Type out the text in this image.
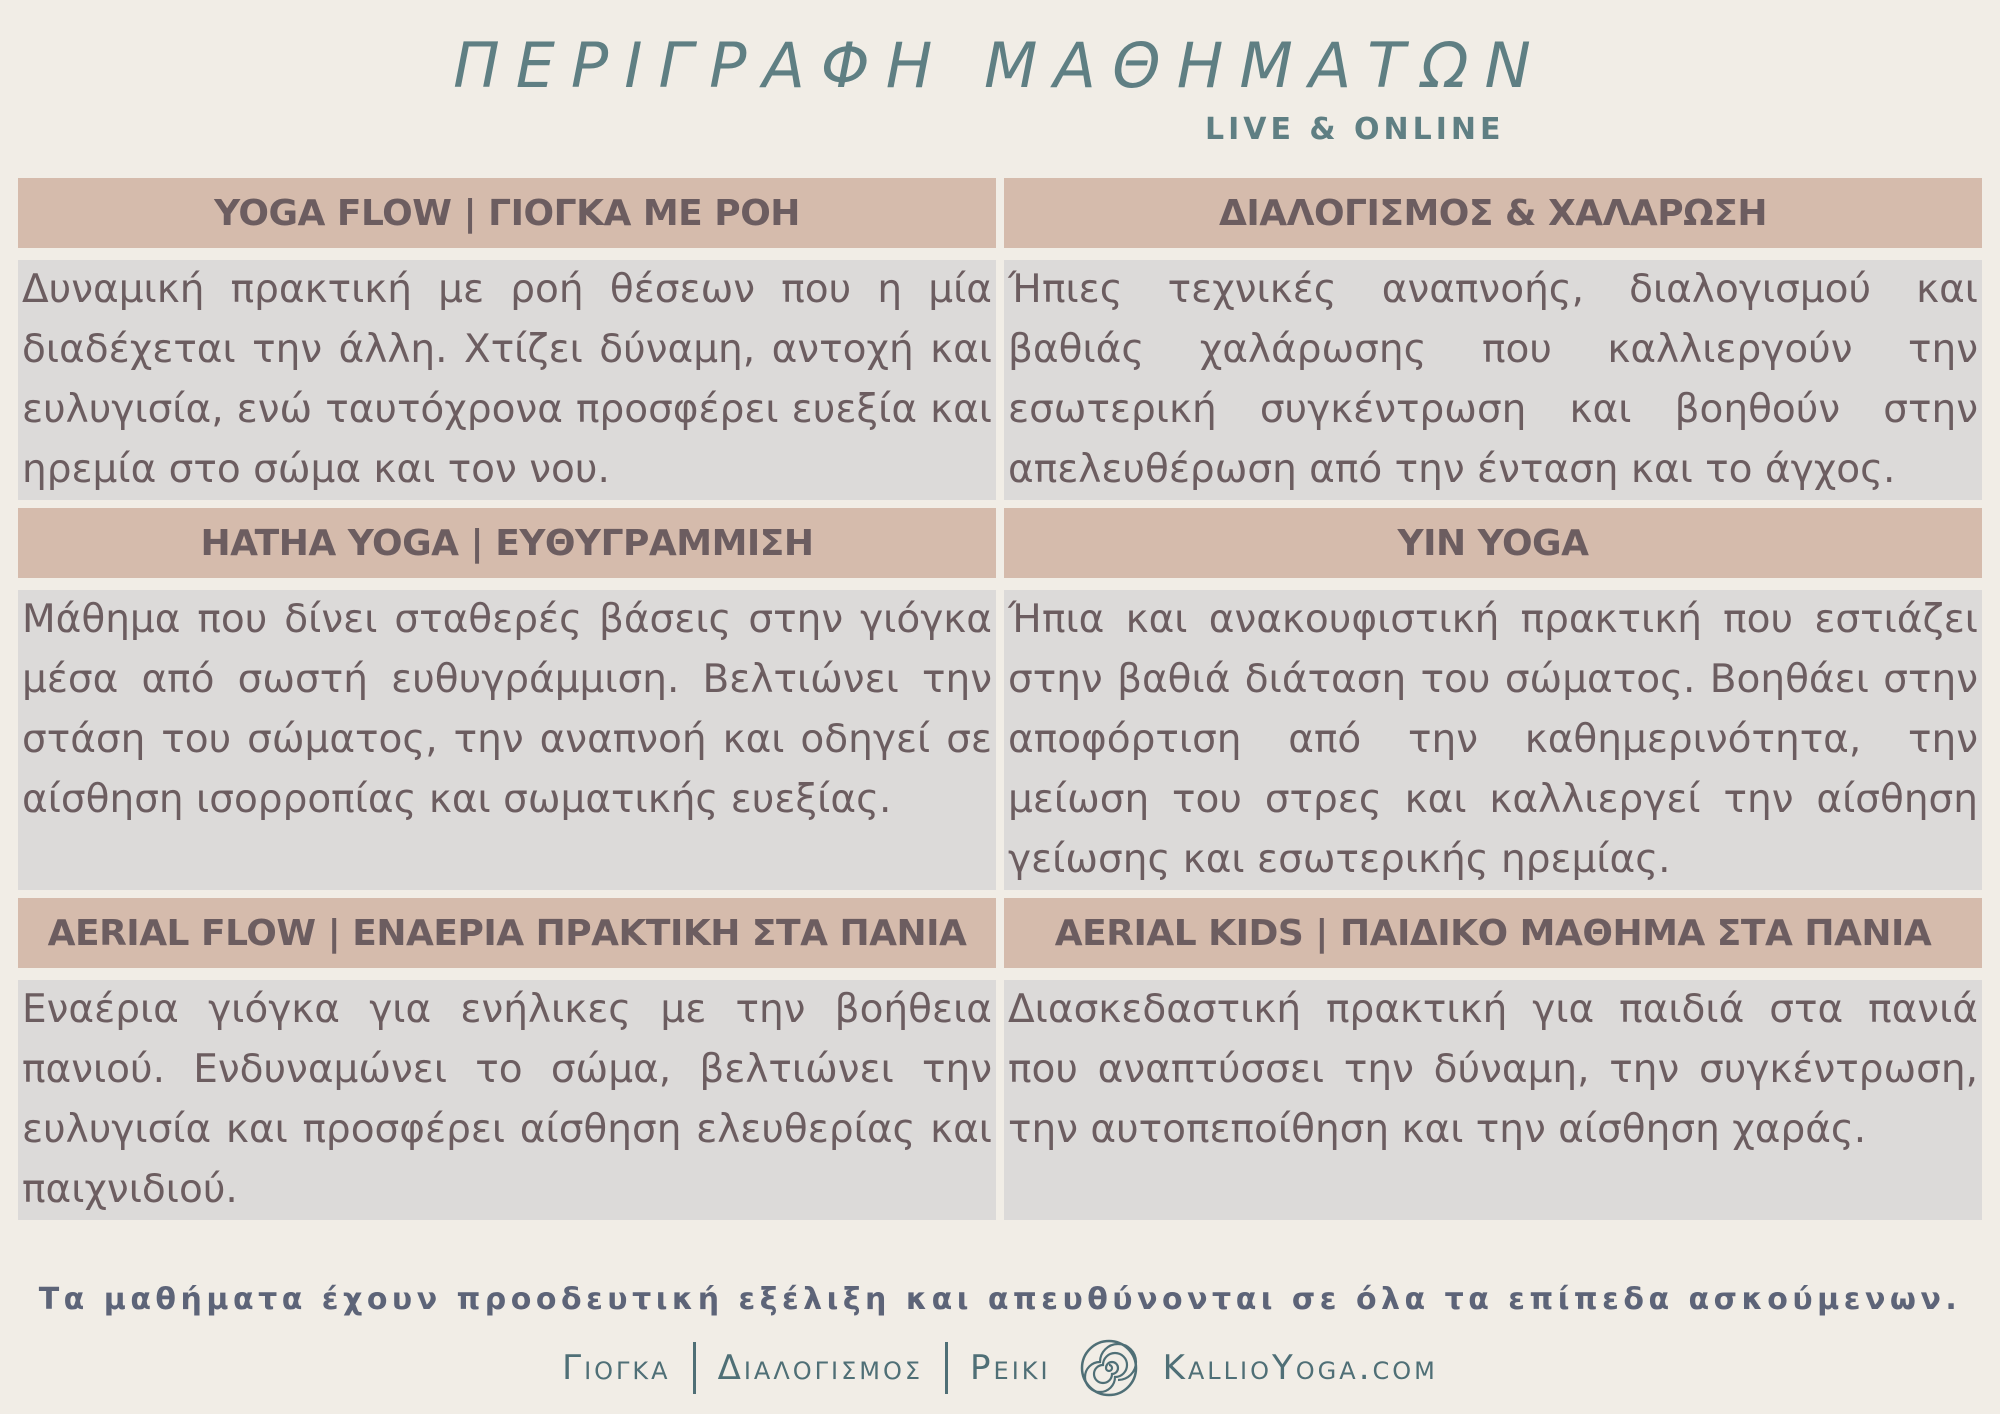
ΠΕΡΙΓΡΑΦΗ ΜΑΘΗΜΑΤΩΝ
LIVE & ONLINE
YOGA FLOW | ΓΙΟΓΚΑ ΜΕ ΡΟΗ
Δυναμική πρακτική με ροή θέσεων που η μία διαδέχεται την άλλη. Χτίζει δύναμη, αντοχή και ευλυγισία, ενώ ταυτόχρονα προσφέρει ευεξία και ηρεμία στο σώμα και τον νου.
ΔΙΑΛΟΓΙΣΜΟΣ & ΧΑΛΑΡΩΣΗ
Ήπιες τεχνικές αναπνοής, διαλογισμού και βαθιάς χαλάρωσης που καλλιεργούν την εσωτερική συγκέντρωση και βοηθούν στην απελευθέρωση από την ένταση και το άγχος.
HATHA YOGA | ΕΥΘΥΓΡΑΜΜΙΣΗ
Μάθημα που δίνει σταθερές βάσεις στην γιόγκα μέσα από σωστή ευθυγράμμιση. Βελτιώνει την στάση του σώματος, την αναπνοή και οδηγεί σε αίσθηση ισορροπίας και σωματικής ευεξίας.
YIN YOGA
Ήπια και ανακουφιστική πρακτική που εστιάζει στην βαθιά διάταση του σώματος. Βοηθάει στην αποφόρτιση από την καθημερινότητα, την μείωση του στρες και καλλιεργεί την αίσθηση γείωσης και εσωτερικής ηρεμίας.
AERIAL FLOW | ΕΝΑΕΡΙΑ ΠΡΑΚΤΙΚΗ ΣΤΑ ΠΑΝΙΑ
Εναέρια γιόγκα για ενήλικες με την βοήθεια πανιού. Ενδυναμώνει το σώμα, βελτιώνει την ευλυγισία και προσφέρει αίσθηση ελευθερίας και παιχνιδιού.
AERIAL KIDS | ΠΑΙΔΙΚΟ ΜΑΘΗΜΑ ΣΤΑ ΠΑΝΙΑ
Διασκεδαστική πρακτική για παιδιά στα πανιά που αναπτύσσει την δύναμη, την συγκέντρωση, την αυτοπεποίθηση και την αίσθηση χαράς.
Τα μαθήματα έχουν προοδευτική εξέλιξη και απευθύνονται σε όλα τα επίπεδα ασκούμενων.
Γιογκα Διαλογισμος Ρεικι	KallioYoga.com
